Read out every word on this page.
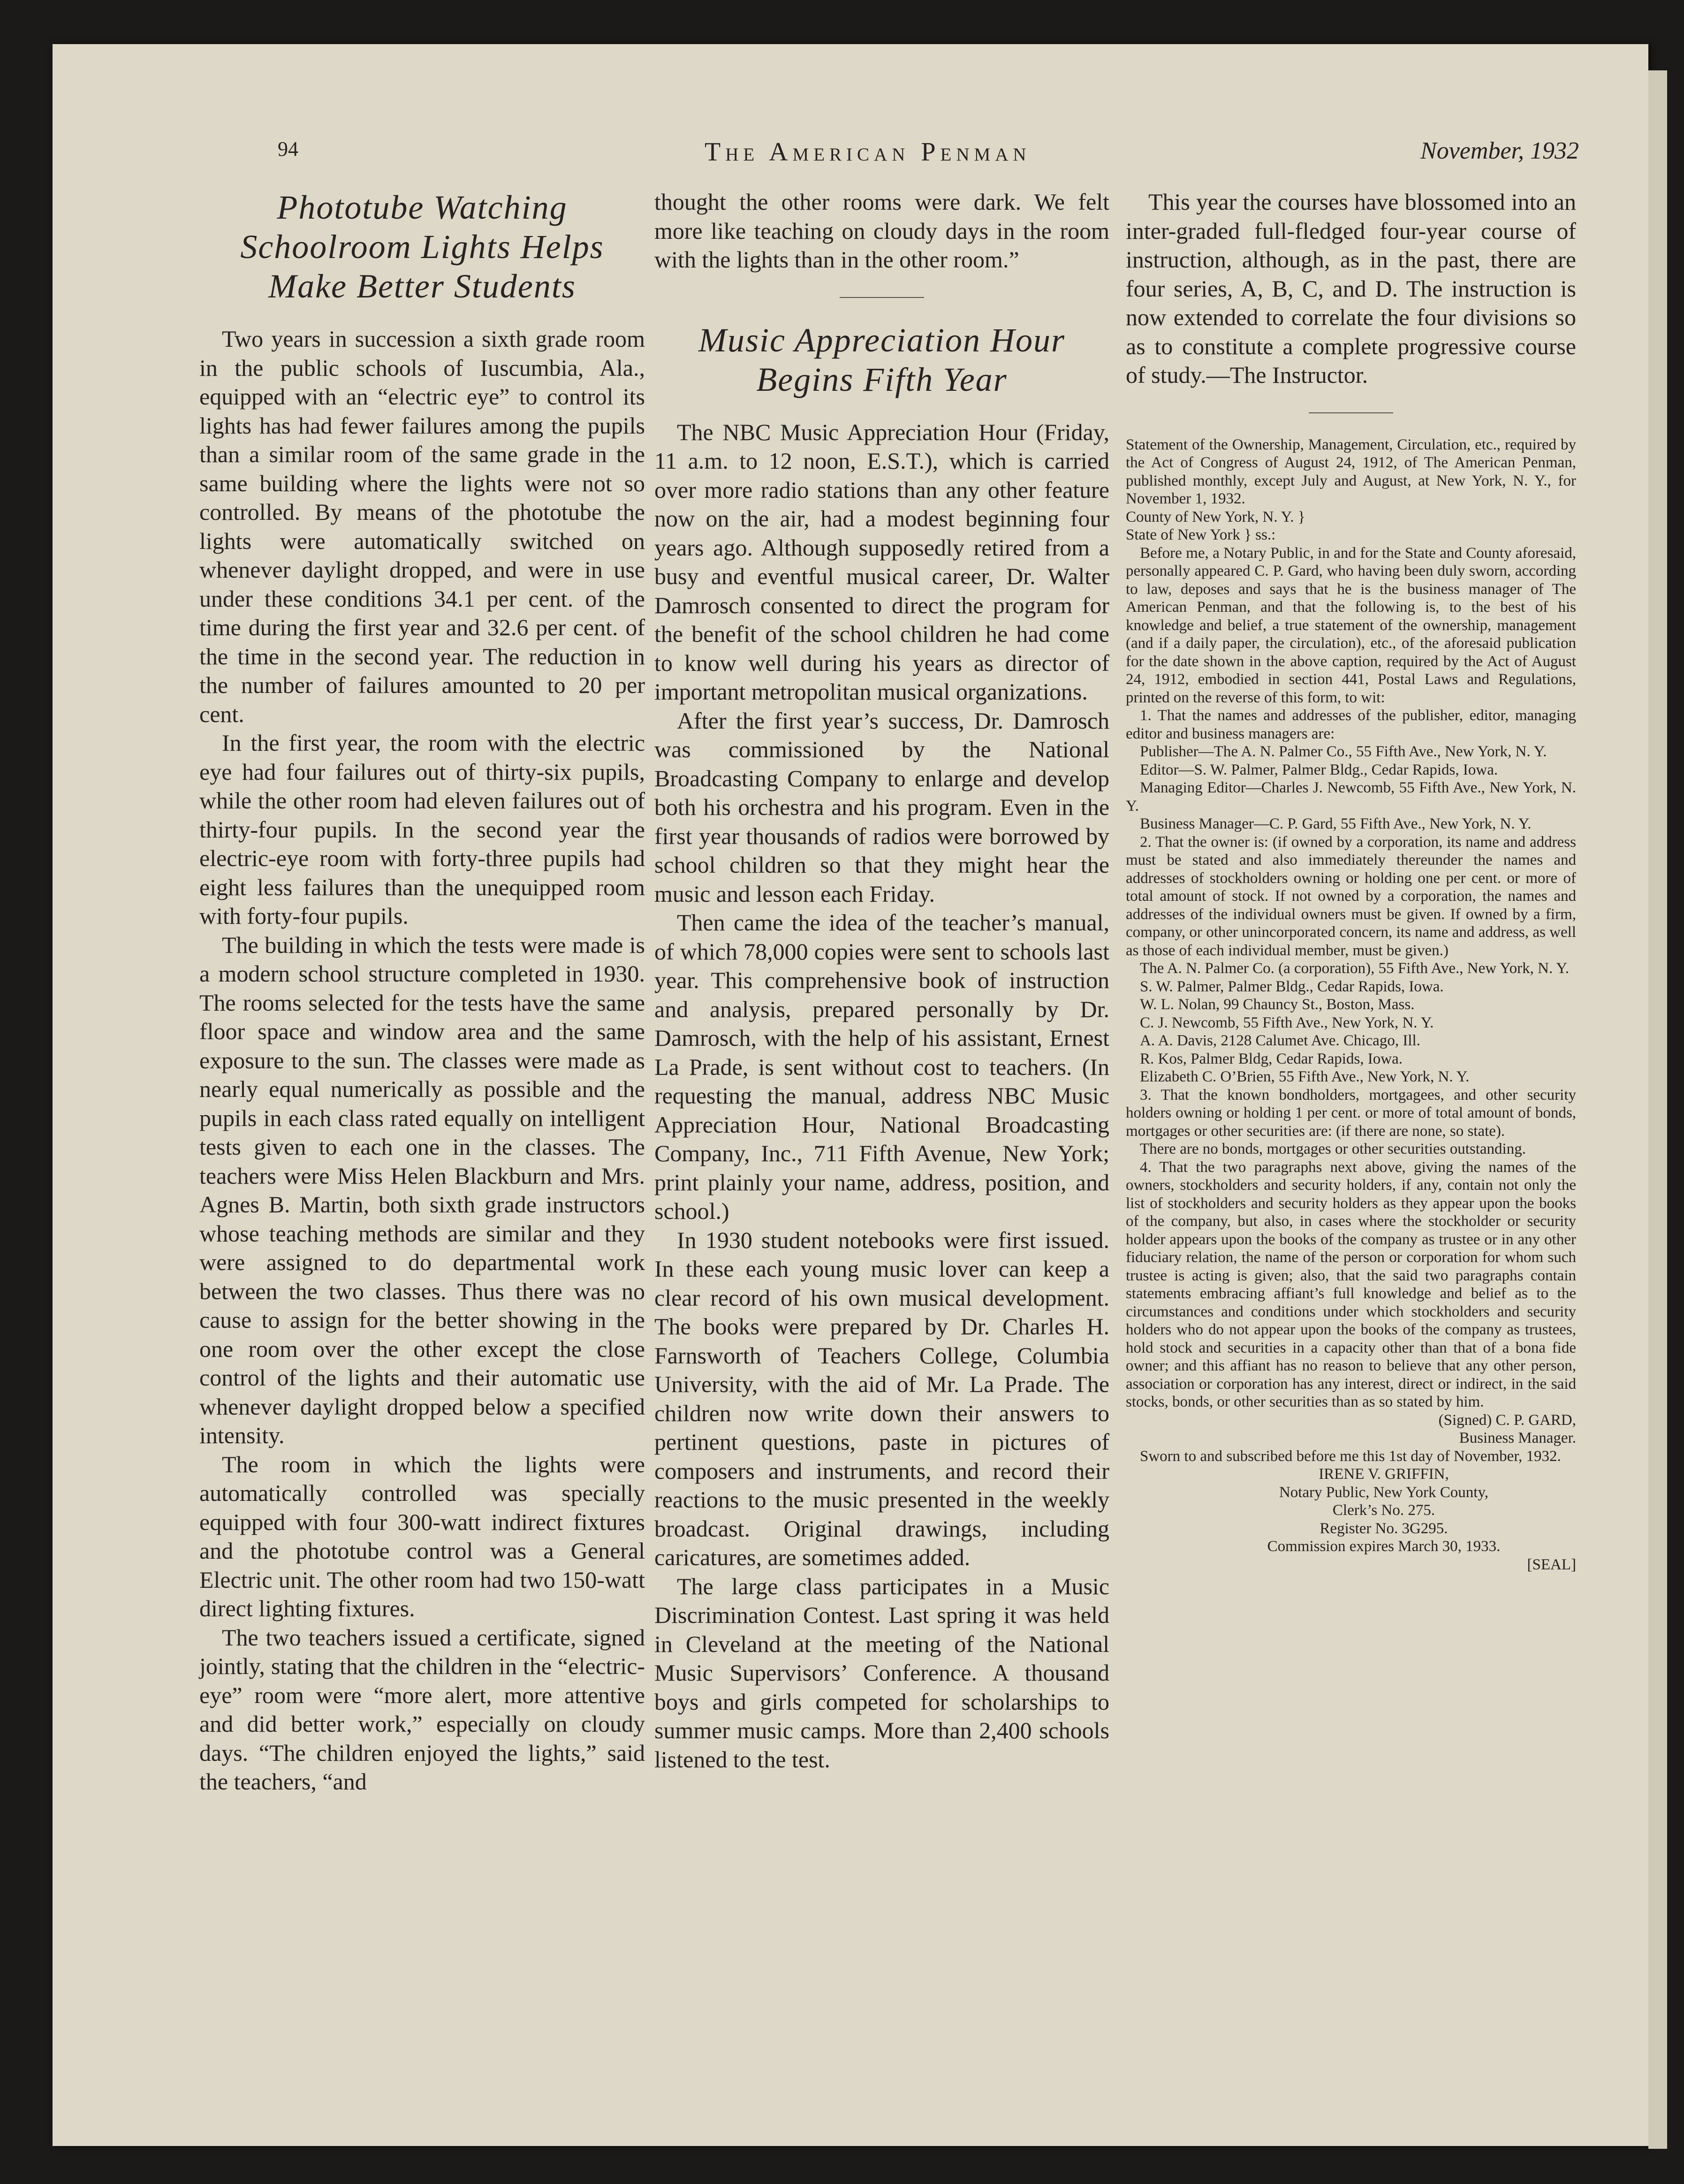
94	The American Penman	November, 1932
Phototube Watching
Schoolroom Lights Helps
Make Better Students

Two years in succession a sixth grade room in the public schools of Iuscumbia, Ala., equipped with an “electric eye” to control its lights has had fewer failures among the pupils than a similar room of the same grade in the same building where the lights were not so controlled. By means of the phototube the lights were automatically switched on whenever daylight dropped, and were in use under these conditions 34.1 per cent. of the time during the first year and 32.6 per cent. of the time in the second year. The reduction in the number of failures amounted to 20 per cent.

In the first year, the room with the electric eye had four failures out of thirty-six pupils, while the other room had eleven failures out of thirty-four pupils. In the second year the electric-eye room with forty-three pupils had eight less failures than the unequipped room with forty-four pupils.

The building in which the tests were made is a modern school structure completed in 1930. The rooms selected for the tests have the same floor space and window area and the same exposure to the sun. The classes were made as nearly equal numerically as possible and the pupils in each class rated equally on intelligent tests given to each one in the classes. The teachers were Miss Helen Blackburn and Mrs. Agnes B. Martin, both sixth grade instructors whose teaching methods are similar and they were assigned to do departmental work between the two classes. Thus there was no cause to assign for the better showing in the one room over the other except the close control of the lights and their automatic use whenever daylight dropped below a specified intensity.

The room in which the lights were automatically controlled was specially equipped with four 300-watt indirect fixtures and the phototube control was a General Electric unit. The other room had two 150-watt direct lighting fixtures.

The two teachers issued a certificate, signed jointly, stating that the children in the “electric-eye” room were “more alert, more attentive and did better work,” especially on cloudy days. “The children enjoyed the lights,” said the teachers, “and

thought the other rooms were dark. We felt more like teaching on cloudy days in the room with the lights than in the other room.”

Music Appreciation Hour
Begins Fifth Year

The NBC Music Appreciation Hour (Friday, 11 a.m. to 12 noon, E.S.T.), which is carried over more radio stations than any other feature now on the air, had a modest beginning four years ago. Although supposedly retired from a busy and eventful musical career, Dr. Walter Damrosch consented to direct the program for the benefit of the school children he had come to know well during his years as director of important metropolitan musical organizations.

After the first year’s success, Dr. Damrosch was commissioned by the National Broadcasting Company to enlarge and develop both his orchestra and his program. Even in the first year thousands of radios were borrowed by school children so that they might hear the music and lesson each Friday.

Then came the idea of the teacher’s manual, of which 78,000 copies were sent to schools last year. This comprehensive book of instruction and analysis, prepared personally by Dr. Damrosch, with the help of his assistant, Ernest La Prade, is sent without cost to teachers. (In requesting the manual, address NBC Music Appreciation Hour, National Broadcasting Company, Inc., 711 Fifth Avenue, New York; print plainly your name, address, position, and school.)

In 1930 student notebooks were first issued. In these each young music lover can keep a clear record of his own musical development. The books were prepared by Dr. Charles H. Farnsworth of Teachers College, Columbia University, with the aid of Mr. La Prade. The children now write down their answers to pertinent questions, paste in pictures of composers and instruments, and record their reactions to the music presented in the weekly broadcast. Original drawings, including caricatures, are sometimes added.

The large class participates in a Music Discrimination Contest. Last spring it was held in Cleveland at the meeting of the National Music Supervisors’ Conference. A thousand boys and girls competed for scholarships to summer music camps. More than 2,400 schools listened to the test.

This year the courses have blossomed into an inter-graded full-fledged four-year course of instruction, although, as in the past, there are four series, A, B, C, and D. The instruction is now extended to correlate the four divisions so as to constitute a complete progressive course of study.—The Instructor.

Statement of the Ownership, Management, Circulation, etc., required by the Act of Congress of August 24, 1912, of The American Penman, published monthly, except July and August, at New York, N. Y., for November 1, 1932.

County of New York, N. Y. }

State of New York } ss.:

Before me, a Notary Public, in and for the State and County aforesaid, personally appeared C. P. Gard, who having been duly sworn, according to law, deposes and says that he is the business manager of The American Penman, and that the following is, to the best of his knowledge and belief, a true statement of the ownership, management (and if a daily paper, the circulation), etc., of the aforesaid publication for the date shown in the above caption, required by the Act of August 24, 1912, embodied in section 441, Postal Laws and Regulations, printed on the reverse of this form, to wit:

1. That the names and addresses of the publisher, editor, managing editor and business managers are:

Publisher—The A. N. Palmer Co., 55 Fifth Ave., New York, N. Y.

Editor—S. W. Palmer, Palmer Bldg., Cedar Rapids, Iowa.

Managing Editor—Charles J. Newcomb, 55 Fifth Ave., New York, N. Y.

Business Manager—C. P. Gard, 55 Fifth Ave., New York, N. Y.

2. That the owner is: (if owned by a corporation, its name and address must be stated and also immediately thereunder the names and addresses of stockholders owning or holding one per cent. or more of total amount of stock. If not owned by a corporation, the names and addresses of the individual owners must be given. If owned by a firm, company, or other unincorporated concern, its name and address, as well as those of each individual member, must be given.)

The A. N. Palmer Co. (a corporation), 55 Fifth Ave., New York, N. Y.

S. W. Palmer, Palmer Bldg., Cedar Rapids, Iowa.

W. L. Nolan, 99 Chauncy St., Boston, Mass.

C. J. Newcomb, 55 Fifth Ave., New York, N. Y.

A. A. Davis, 2128 Calumet Ave. Chicago, Ill.

R. Kos, Palmer Bldg, Cedar Rapids, Iowa.

Elizabeth C. O’Brien, 55 Fifth Ave., New York, N. Y.

3. That the known bondholders, mortgagees, and other security holders owning or holding 1 per cent. or more of total amount of bonds, mortgages or other securities are: (if there are none, so state).

There are no bonds, mortgages or other securities outstanding.

4. That the two paragraphs next above, giving the names of the owners, stockholders and security holders, if any, contain not only the list of stockholders and security holders as they appear upon the books of the company, but also, in cases where the stockholder or security holder appears upon the books of the company as trustee or in any other fiduciary relation, the name of the person or corporation for whom such trustee is acting is given; also, that the said two paragraphs contain statements embracing affiant’s full knowledge and belief as to the circumstances and conditions under which stockholders and security holders who do not appear upon the books of the company as trustees, hold stock and securities in a capacity other than that of a bona fide owner; and this affiant has no reason to believe that any other person, association or corporation has any interest, direct or indirect, in the said stocks, bonds, or other securities than as so stated by him.

(Signed) C. P. GARD,

Business Manager.

Sworn to and subscribed before me this 1st day of November, 1932.

IRENE V. GRIFFIN,

Notary Public, New York County,

Clerk’s No. 275.

Register No. 3G295.

Commission expires March 30, 1933.

[SEAL]
